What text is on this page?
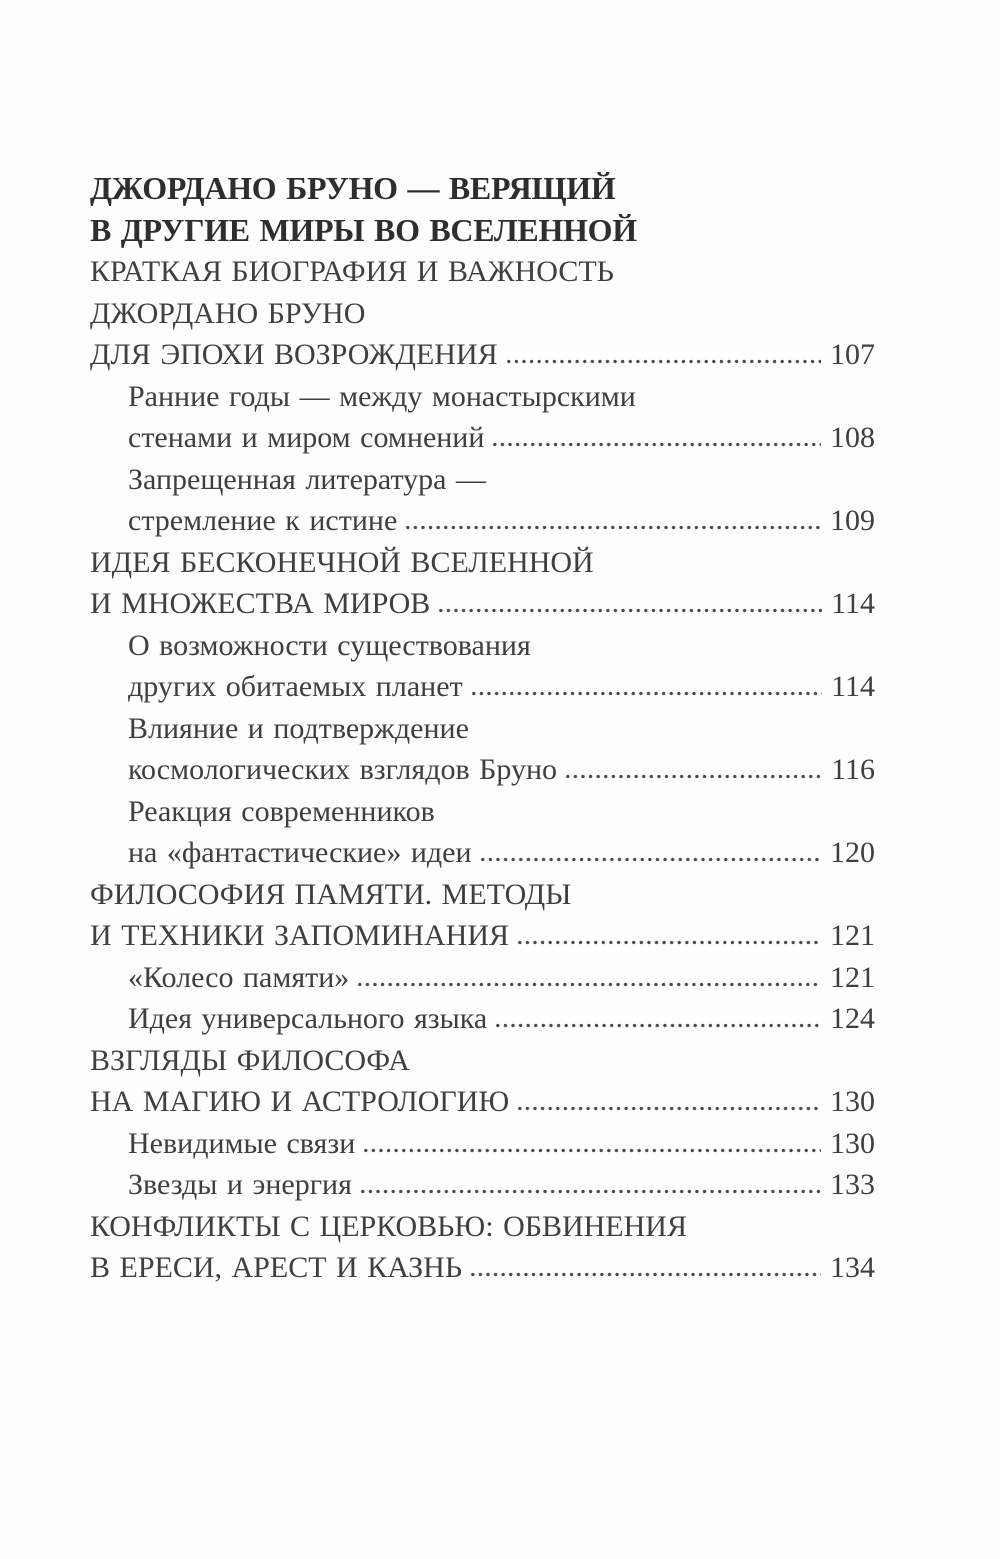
ДЖОРДАНО БРУНО — ВЕРЯЩИЙ
В ДРУГИЕ МИРЫ ВО ВСЕЛЕННОЙ
КРАТКАЯ БИОГРАФИЯ И ВАЖНОСТЬ
ДЖОРДАНО БРУНО
ДЛЯ ЭПОХИ ВОЗРОЖДЕНИЯ	107
Ранние годы — между монастырскими
стенами и миром сомнений	108
Запрещенная литература —
стремление к истине	109
ИДЕЯ БЕСКОНЕЧНОЙ ВСЕЛЕННОЙ
И МНОЖЕСТВА МИРОВ	114
О возможности существования
других обитаемых планет	114
Влияние и подтверждение
космологических взглядов Бруно	116
Реакция современников
на «фантастические» идеи	120
ФИЛОСОФИЯ ПАМЯТИ. МЕТОДЫ
И ТЕХНИКИ ЗАПОМИНАНИЯ	121
«Колесо памяти»	121
Идея универсального языка	124
ВЗГЛЯДЫ ФИЛОСОФА
НА МАГИЮ И АСТРОЛОГИЮ	130
Невидимые связи	130
Звезды и энергия	133
КОНФЛИКТЫ С ЦЕРКОВЬЮ: ОБВИНЕНИЯ
В ЕРЕСИ, АРЕСТ И КАЗНЬ	134
